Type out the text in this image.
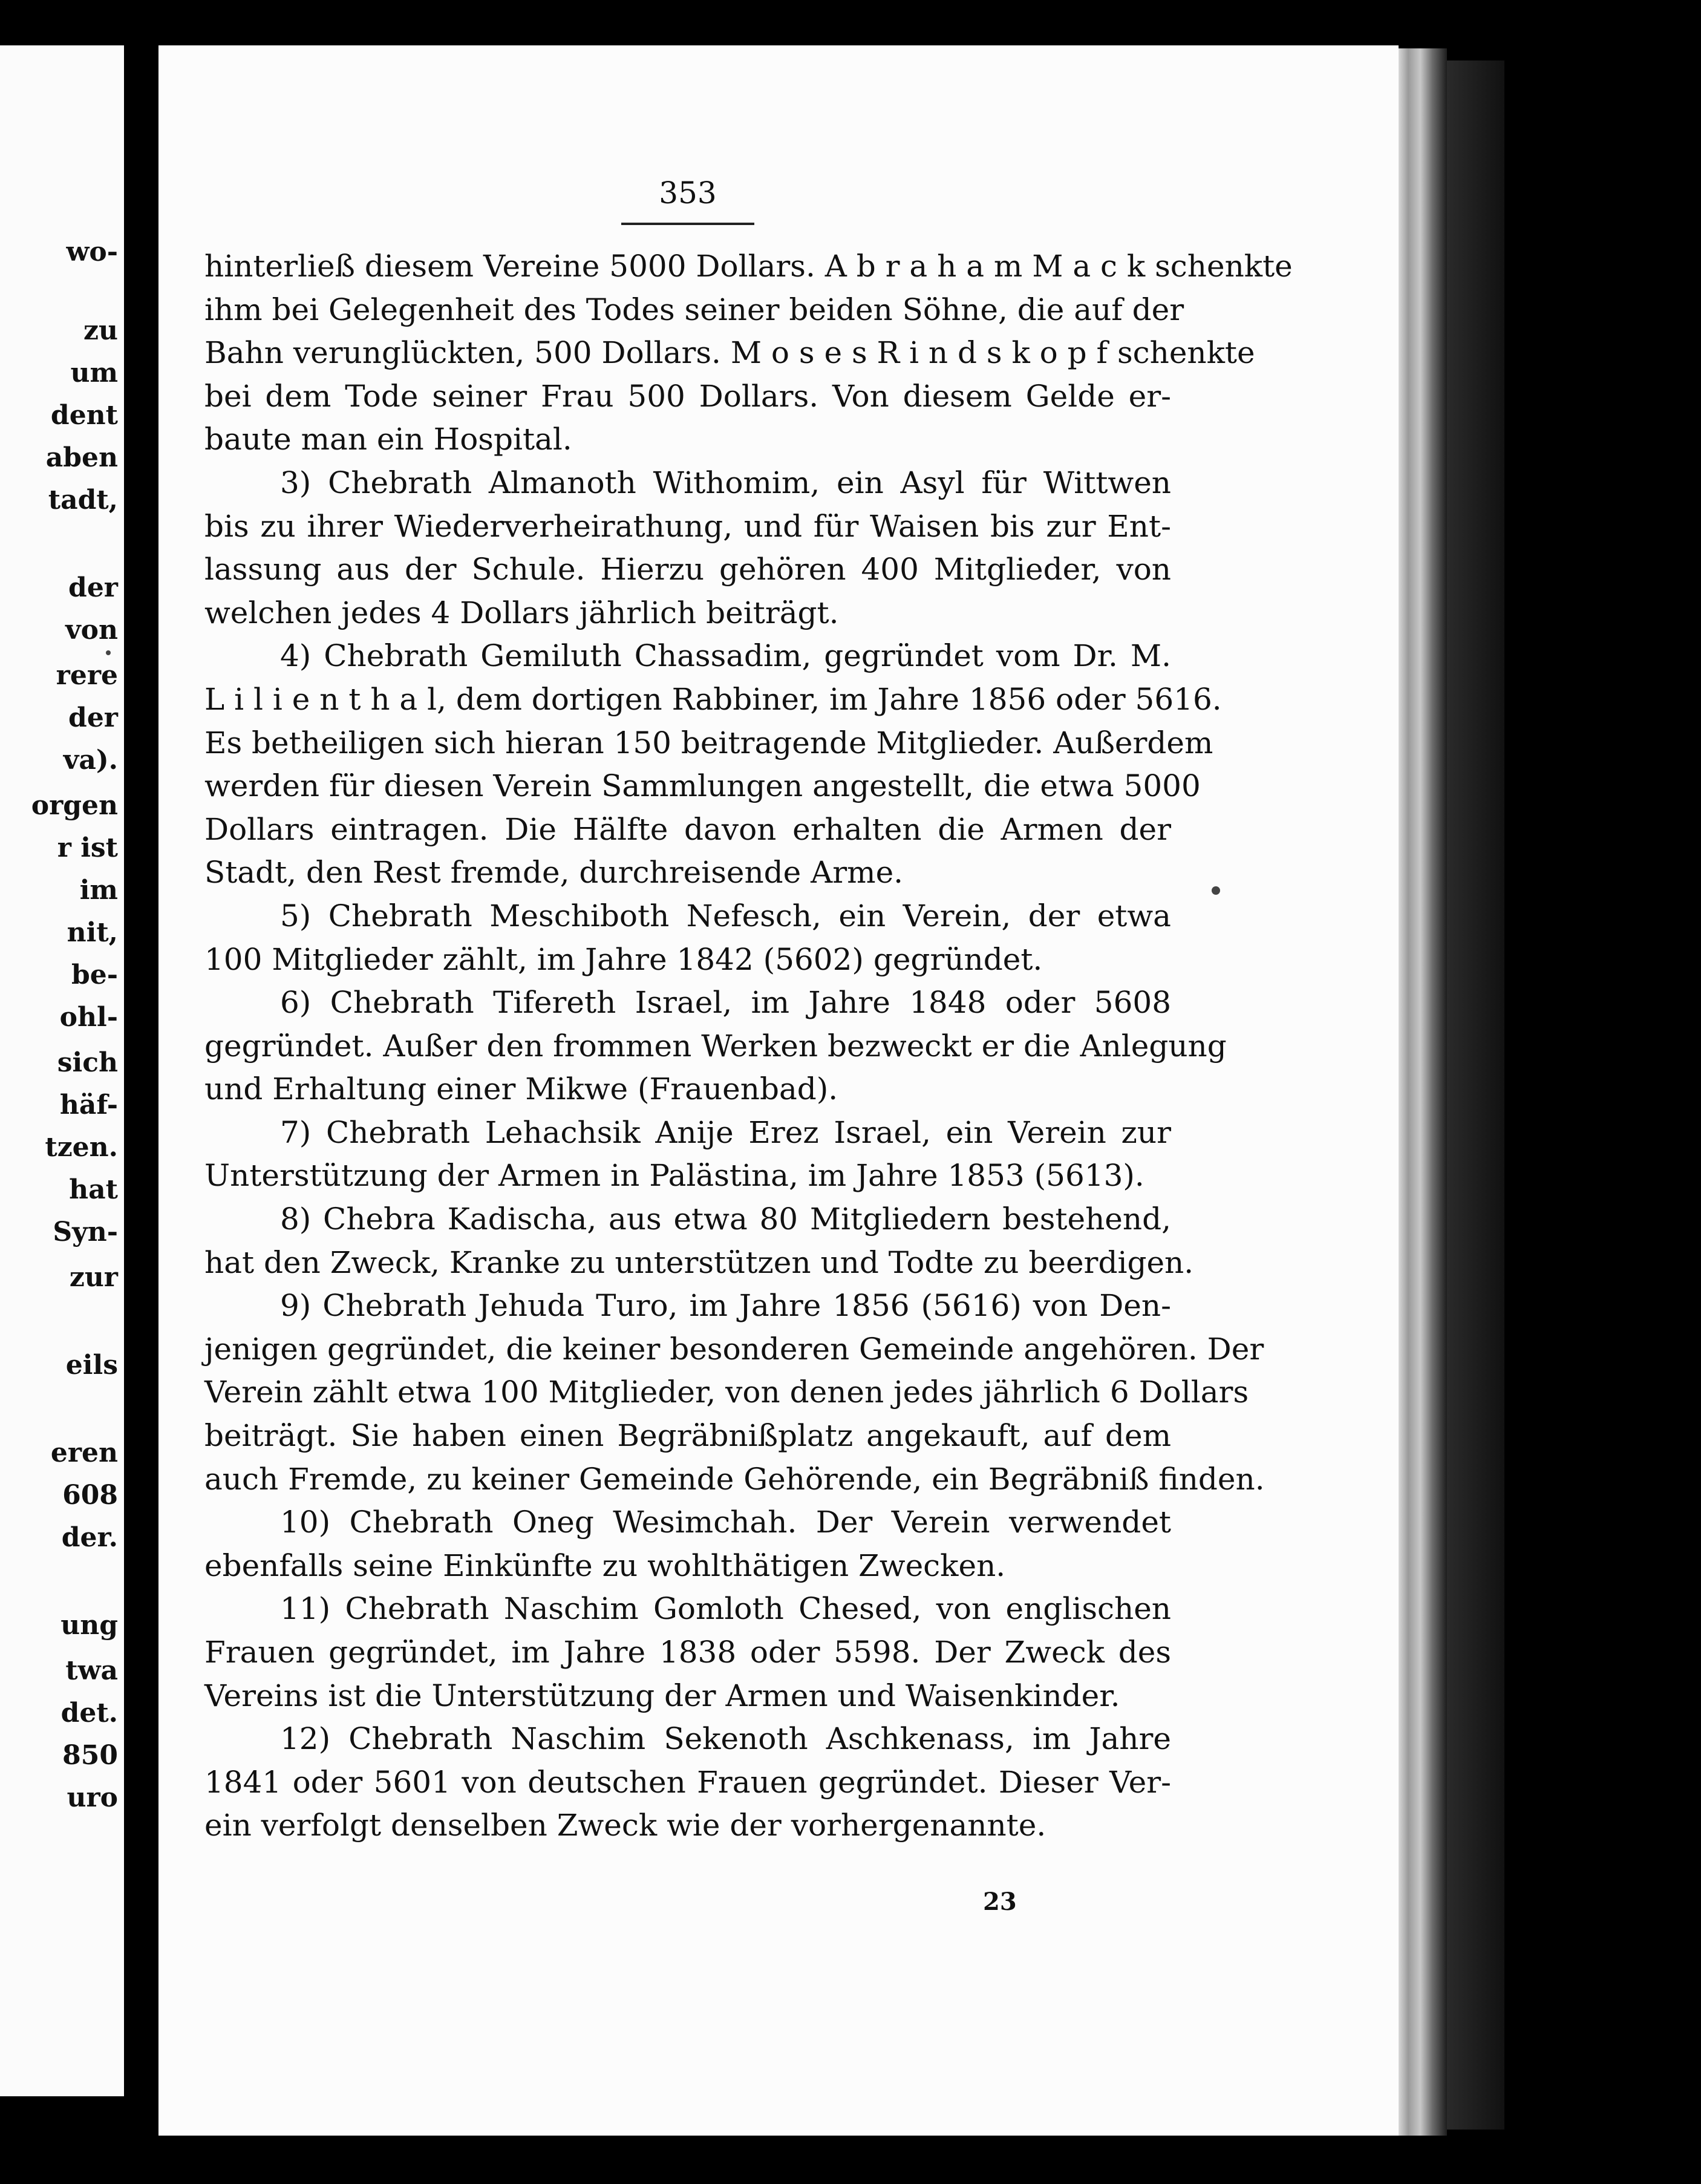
wo-
zu
um
dent
aben
tadt,
der
von
rere
der
va).
orgen
r ist
im
nit,
be-
ohl-
sich
häf-
tzen.
hat
Syn-
zur
eils
eren
608
der.
ung
twa
det.
850
uro
353
hinterließ diesem Vereine 5000 Dollars. A b r a h a m M a c k schenkte
ihm bei Gelegenheit des Todes seiner beiden Söhne, die auf der
Bahn verunglückten, 500 Dollars. M o s e s R i n d s k o p f schenkte
bei dem Tode seiner Frau 500 Dollars. Von diesem Gelde er-
baute man ein Hospital.
3) Chebrath Almanoth Withomim, ein Asyl für Wittwen
bis zu ihrer Wiederverheirathung, und für Waisen bis zur Ent-
lassung aus der Schule. Hierzu gehören 400 Mitglieder, von
welchen jedes 4 Dollars jährlich beiträgt.
4) Chebrath Gemiluth Chassadim, gegründet vom Dr. M.
L i l i e n t h a l, dem dortigen Rabbiner, im Jahre 1856 oder 5616.
Es betheiligen sich hieran 150 beitragende Mitglieder. Außerdem
werden für diesen Verein Sammlungen angestellt, die etwa 5000
Dollars eintragen. Die Hälfte davon erhalten die Armen der
Stadt, den Rest fremde, durchreisende Arme.
5) Chebrath Meschiboth Nefesch, ein Verein, der etwa
100 Mitglieder zählt, im Jahre 1842 (5602) gegründet.
6) Chebrath Tifereth Israel, im Jahre 1848 oder 5608
gegründet. Außer den frommen Werken bezweckt er die Anlegung
und Erhaltung einer Mikwe (Frauenbad).
7) Chebrath Lehachsik Anije Erez Israel, ein Verein zur
Unterstützung der Armen in Palästina, im Jahre 1853 (5613).
8) Chebra Kadischa, aus etwa 80 Mitgliedern bestehend,
hat den Zweck, Kranke zu unterstützen und Todte zu beerdigen.
9) Chebrath Jehuda Turo, im Jahre 1856 (5616) von Den-
jenigen gegründet, die keiner besonderen Gemeinde angehören. Der
Verein zählt etwa 100 Mitglieder, von denen jedes jährlich 6 Dollars
beiträgt. Sie haben einen Begräbnißplatz angekauft, auf dem
auch Fremde, zu keiner Gemeinde Gehörende, ein Begräbniß finden.
10) Chebrath Oneg Wesimchah. Der Verein verwendet
ebenfalls seine Einkünfte zu wohlthätigen Zwecken.
11) Chebrath Naschim Gomloth Chesed, von englischen
Frauen gegründet, im Jahre 1838 oder 5598. Der Zweck des
Vereins ist die Unterstützung der Armen und Waisenkinder.
12) Chebrath Naschim Sekenoth Aschkenass, im Jahre
1841 oder 5601 von deutschen Frauen gegründet. Dieser Ver-
ein verfolgt denselben Zweck wie der vorhergenannte.
23
